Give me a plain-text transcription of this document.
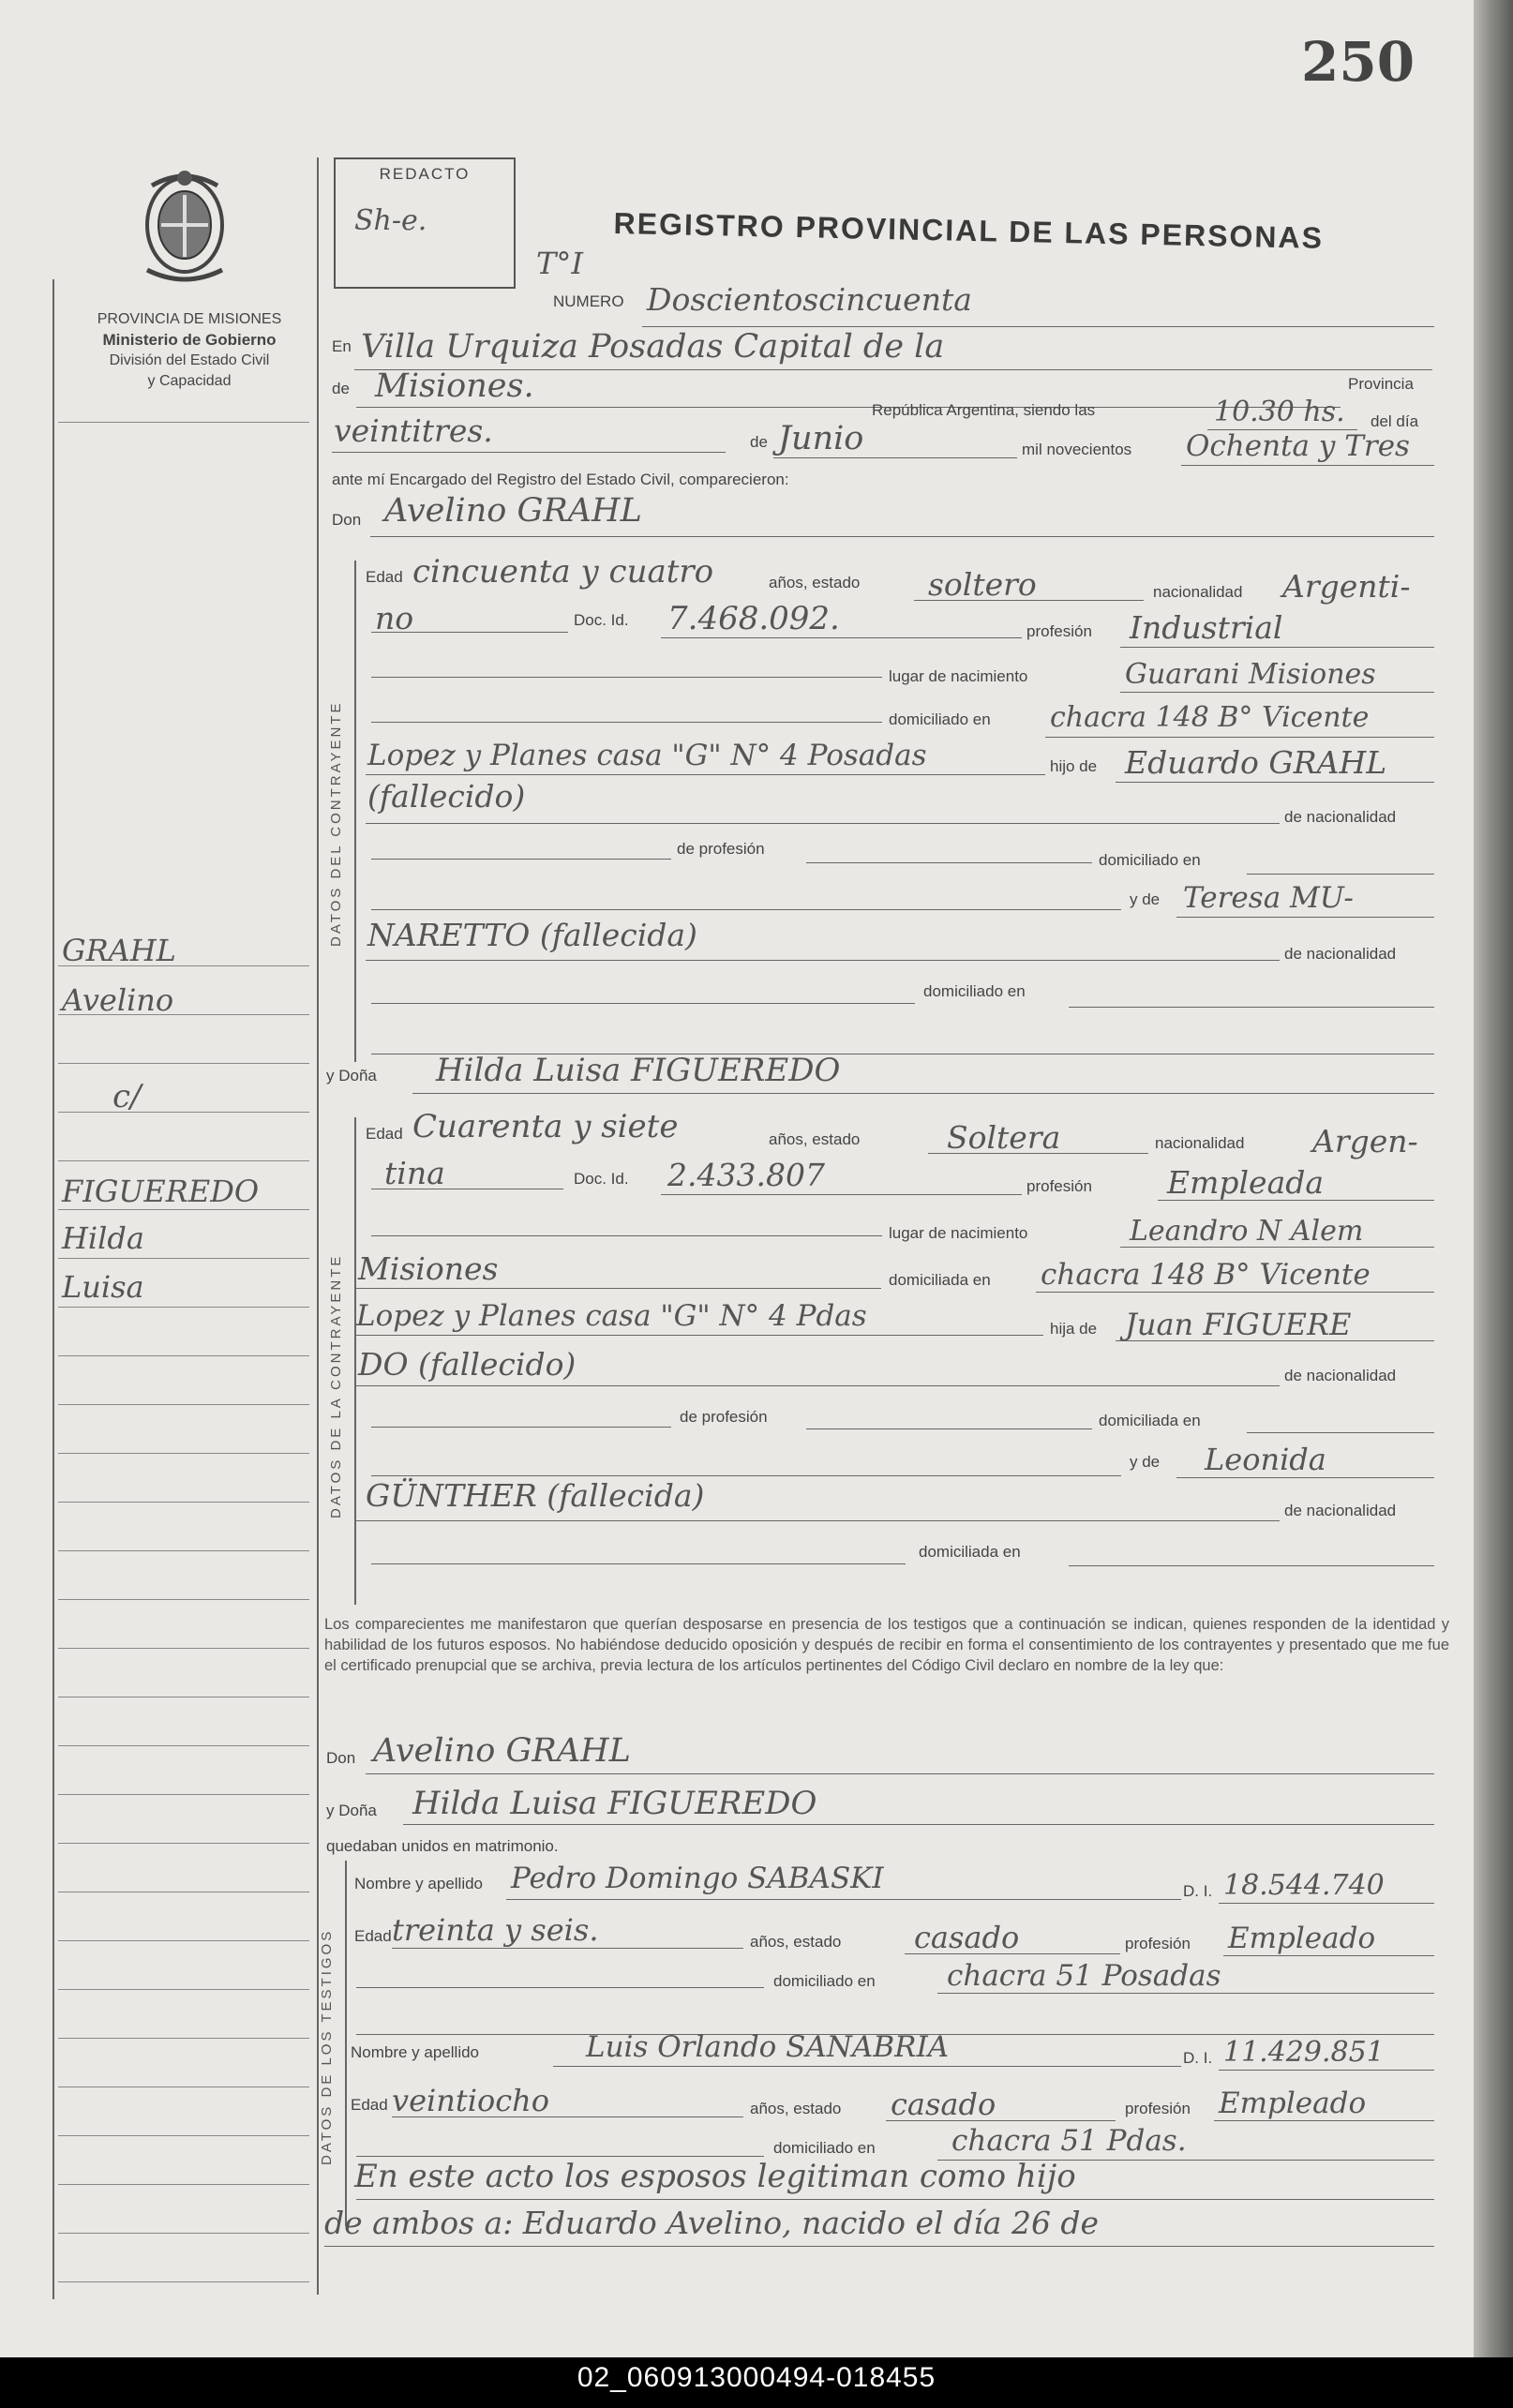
250
PROVINCIA DE MISIONES
Ministerio de Gobierno
División del Estado Civil
y Capacidad
REDACTO
Sh-e.	REGISTRO PROVINCIAL DE LAS PERSONAS
T°I
GRAHL
Avelino
c/
FIGUEREDO
Hilda
Luisa
NUMERO Doscientoscincuenta
En Villa Urquiza Posadas Capital de la
de Misiones.	Provincia
República Argentina, siendo las	10.30 hs. del día
veintitres.	de Junio	mil novecientos Ochenta y Tres
ante mí Encargado del Registro del Estado Civil, comparecieron:
Don Avelino GRAHL
DATOS DEL CONTRAYENTE
Edad cincuenta y cuatro	años, estado soltero	nacionalidad Argenti-
no	Doc. Id. 7.468.092.	profesión Industrial
lugar de nacimiento	Guarani Misiones
domiciliado en chacra 148 B° Vicente
Lopez y Planes casa "G" N° 4 Posadas	hijo de Eduardo GRAHL
(fallecido)
de nacionalidad
de profesión
domiciliado en
y de Teresa MU-
NARETTO (fallecida)
de nacionalidad
domiciliado en
y Doña Hilda Luisa FIGUEREDO
DATOS DE LA CONTRAYENTE
Edad Cuarenta y siete	años, estado	Soltera	nacionalidad Argen-
tina	Doc. Id. 2.433.807	profesión Empleada
lugar de nacimiento	Leandro N Alem
Misiones	domiciliada en chacra 148 B° Vicente
Lopez y Planes casa "G" N° 4 Pdas	hija de Juan FIGUERE
DO (fallecido)	de nacionalidad
de profesión	domiciliada en
y de Leonida
GÜNTHER (fallecida)	de nacionalidad
domiciliada en
Los comparecientes me manifestaron que querían desposarse en presencia de los testigos que a continuación se indican, quienes responden de la identidad y habilidad de los futuros esposos. No habiéndose deducido oposición y después de recibir en forma el consentimiento de los contrayentes y presentado que me fue el certificado prenupcial que se archiva, previa lectura de los artículos pertinentes del Código Civil declaro en nombre de la ley que:
Don Avelino GRAHL
y Doña Hilda Luisa FIGUEREDO
quedaban unidos en matrimonio.
DATOS DE LOS TESTIGOS
Nombre y apellido Pedro Domingo SABASKI	D. I. 18.544.740
Edad treinta y seis.	años, estado casado	profesión Empleado
domiciliado en chacra 51 Posadas
Nombre y apellido	Luis Orlando SANABRIA	D. I. 11.429.851
Edad veintiocho	años, estado casado	profesión Empleado
domiciliado en	chacra 51 Pdas.
En este acto los esposos legitiman como hijo
de ambos a: Eduardo Avelino, nacido el día 26 de
02_060913000494-018455
